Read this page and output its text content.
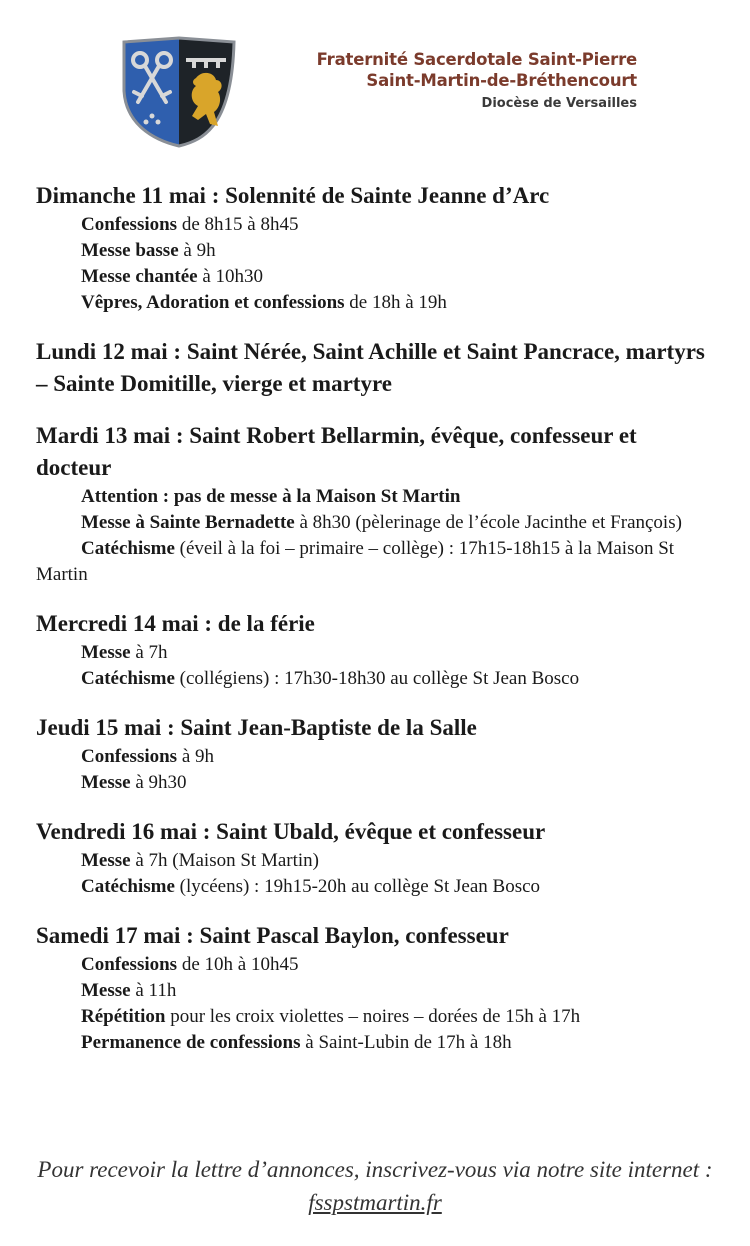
Fraternité Sacerdotale Saint-Pierre
Saint-Martin-de-Bréthencourt
Diocèse de Versailles
Dimanche 11 mai : Solennité de Sainte Jeanne d’Arc
Confessions de 8h15 à 8h45
Messe basse à 9h
Messe chantée à 10h30
Vêpres, Adoration et confessions de 18h à 19h
Lundi 12 mai : Saint Nérée, Saint Achille et Saint Pancrace, martyrs – Sainte Domitille, vierge et martyre
Mardi 13 mai : Saint Robert Bellarmin, évêque, confesseur et docteur
Attention : pas de messe à la Maison St Martin
Messe à Sainte Bernadette à 8h30 (pèlerinage de l’école Jacinthe et François)
Catéchisme (éveil à la foi – primaire – collège) : 17h15-18h15 à la Maison St Martin
Mercredi 14 mai : de la férie
Messe à 7h
Catéchisme (collégiens) : 17h30-18h30 au collège St Jean Bosco
Jeudi 15 mai : Saint Jean-Baptiste de la Salle
Confessions à 9h
Messe à 9h30
Vendredi 16 mai : Saint Ubald, évêque et confesseur
Messe à 7h (Maison St Martin)
Catéchisme (lycéens) : 19h15-20h au collège St Jean Bosco
Samedi 17 mai : Saint Pascal Baylon, confesseur
Confessions de 10h à 10h45
Messe à 11h
Répétition pour les croix violettes – noires – dorées de 15h à 17h
Permanence de confessions à Saint-Lubin de 17h à 18h
Pour recevoir la lettre d’annonces, inscrivez-vous via notre site internet : fsspstmartin.fr
